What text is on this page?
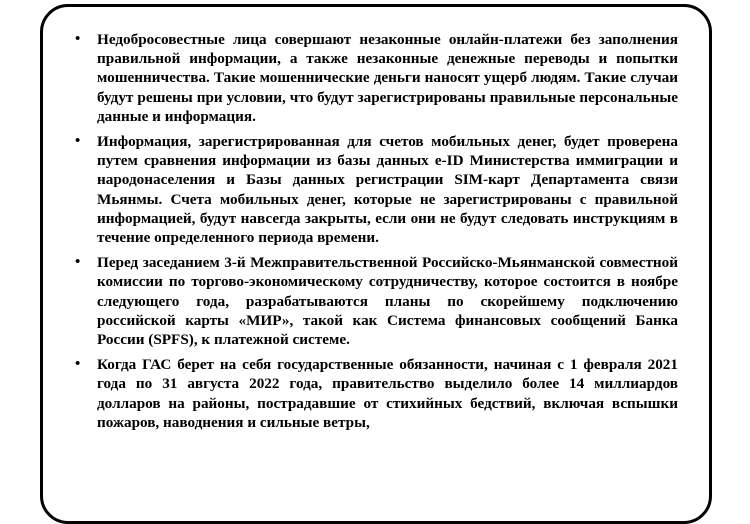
• Недобросовестные лица совершают незаконные онлайн-платежи без заполнения правильной информации, а также незаконные денежные переводы и попытки мошенничества. Такие мошеннические деньги наносят ущерб людям. Такие случаи будут решены при условии, что будут зарегистрированы правильные персональные данные и информация.
• Информация, зарегистрированная для счетов мобильных денег, будет проверена путем сравнения информации из базы данных e-ID Министерства иммиграции и народонаселения и Базы данных регистрации SIM-карт Департамента связи Мьянмы. Счета мобильных денег, которые не зарегистрированы с правильной информацией, будут навсегда закрыты, если они не будут следовать инструкциям в течение определенного периода времени.
• Перед заседанием 3-й Межправительственной Российско-Мьянманской совместной комиссии по торгово-экономическому сотрудничеству, которое состоится в ноябре следующего года, разрабатываются планы по скорейшему подключению российской карты «МИР», такой как Система финансовых сообщений Банка России (SPFS), к платежной системе.
• Когда ГАС берет на себя государственные обязанности, начиная с 1 февраля 2021 года по 31 августа 2022 года, правительство выделило более 14 миллиардов долларов на районы, пострадавшие от стихийных бедствий, включая вспышки пожаров, наводнения и сильные ветры,
